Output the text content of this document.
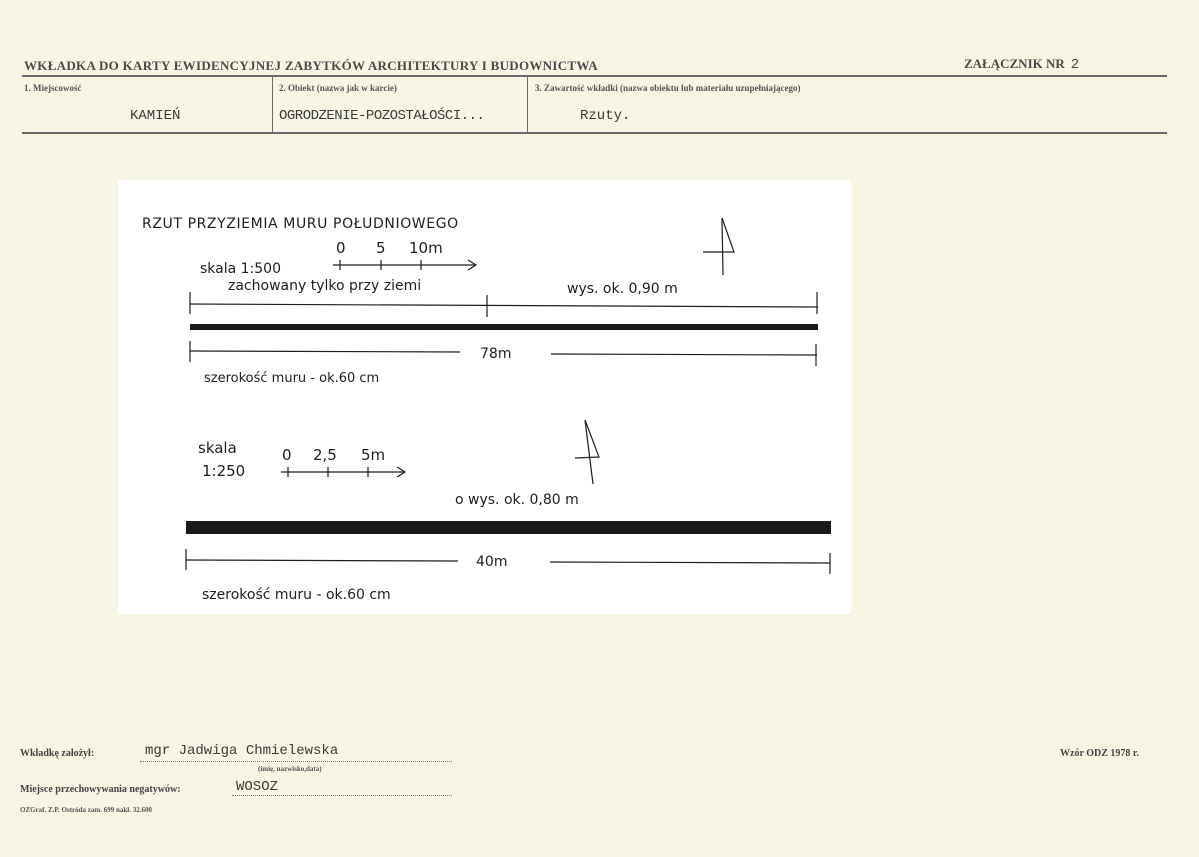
WKŁADKA DO KARTY EWIDENCYJNEJ ZABYTKÓW ARCHITEKTURY I BUDOWNICTWA	ZAŁĄCZNIK NR 2
1. Miejscowość
KAMIEŃ
2. Obiekt (nazwa jak w karcie)
OGRODZENIE-POZOSTAŁOŚCI...
3. Zawartość wkładki (nazwa obiektu lub materiału uzupełniającego)
Rzuty.
RZUT PRZYZIEMIA MURU POŁUDNIOWEGO
skala 1:500
0 5 10m
zachowany tylko przy ziemi	wys. ok. 0,90 m
78m
szerokość muru - ok.60 cm
skala
1:250
0 2,5 5m
o wys. ok. 0,80 m
40m
szerokość muru - ok.60 cm
Wkładkę założył:	mgr Jadwiga Chmielewska
(imię, nazwisko,data)
Miejsce przechowywania negatywów:	WOSOZ
Wzór ODZ 1978 r.
OZGraf. Z.P. Ostróda zam. 699 nakł. 32.600
